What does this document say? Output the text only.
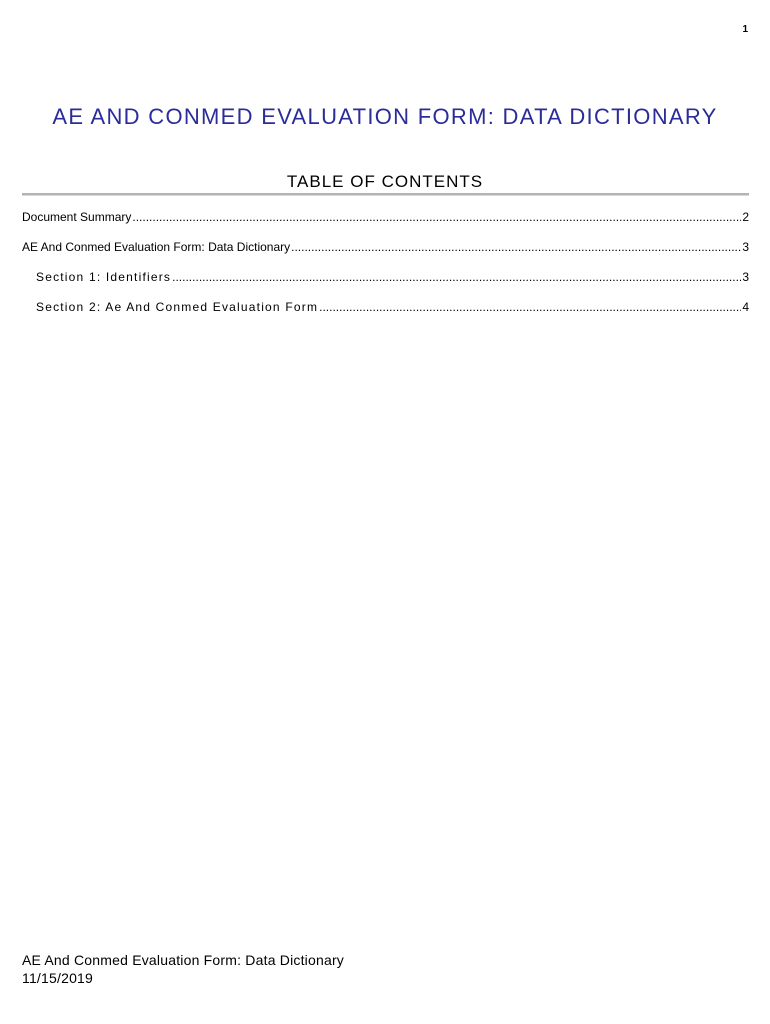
1
AE AND CONMED EVALUATION FORM: DATA DICTIONARY
TABLE OF CONTENTS
Document Summary .....	2
AE And Conmed Evaluation Form: Data Dictionary .....	3
Section 1: Identifiers .....	3
Section 2: Ae And Conmed Evaluation Form .....	4
AE And Conmed Evaluation Form: Data Dictionary
11/15/2019
